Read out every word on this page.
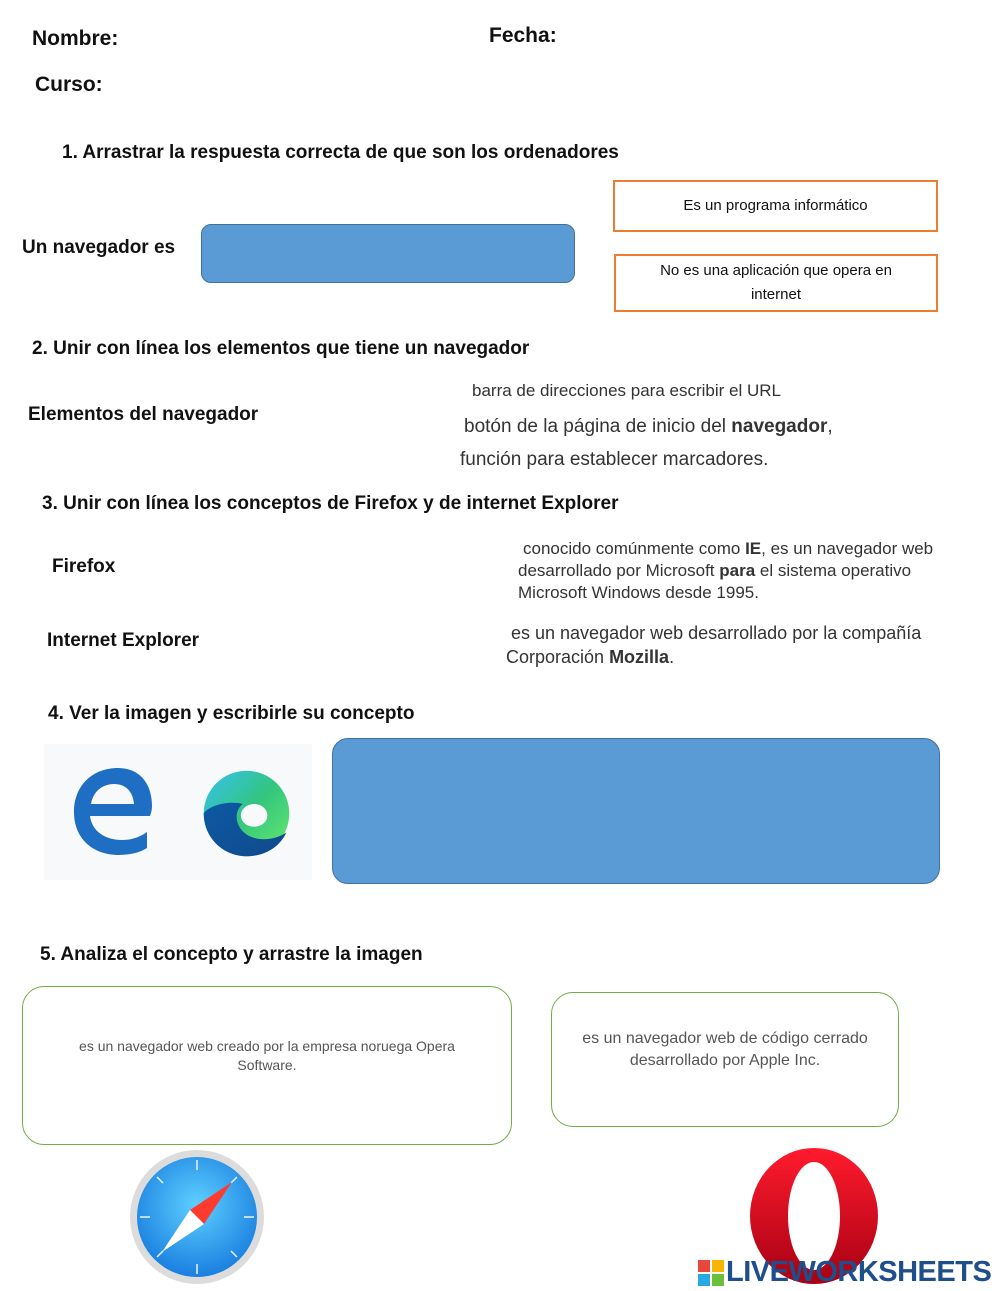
Nombre:	Fecha:
Curso:
1. Arrastrar la respuesta correcta de que son los ordenadores
Un navegador es
Es un programa informático
No es una aplicación que opera en internet
2. Unir con línea los elementos que tiene un navegador
Elementos del navegador
barra de direcciones para escribir el URL
botón de la página de inicio del navegador,
función para establecer marcadores.
3. Unir con línea los conceptos de Firefox y de internet Explorer
Firefox
Internet Explorer
conocido comúnmente como IE, es un navegador web
desarrollado por Microsoft para el sistema operativo
Microsoft Windows desde 1995.
es un navegador web desarrollado por la compañía
Corporación Mozilla.
4. Ver la imagen y escribirle su concepto
5. Analiza el concepto y arrastre la imagen
es un navegador web creado por la empresa noruega Opera Software.
es un navegador web de código cerrado desarrollado por Apple Inc.
LIVEWORKSHEETS
